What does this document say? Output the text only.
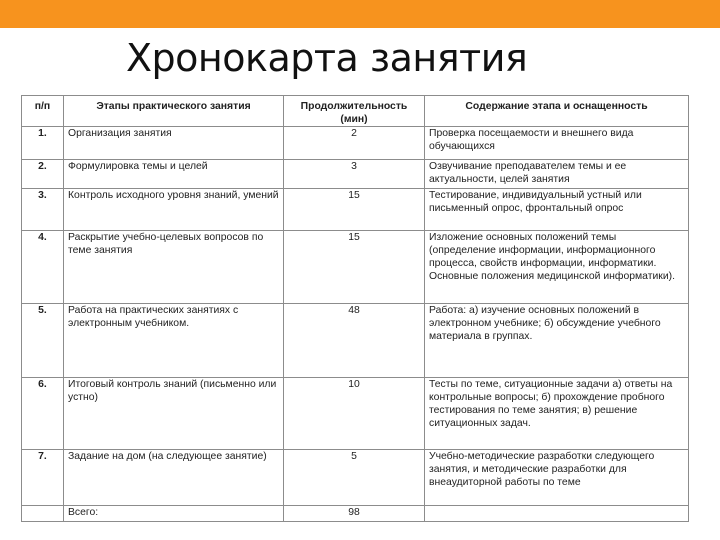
Хронокарта занятия
п/п	Этапы практического занятия	Продолжительность (мин)	Содержание этапа и оснащенность
1.	Организация занятия	2	Проверка посещаемости и внешнего вида обучающихся
2.	Формулировка темы и целей	3	Озвучивание преподавателем темы и ее актуальности, целей занятия
3.	Контроль исходного уровня знаний, умений	15	Тестирование, индивидуальный устный или письменный опрос, фронтальный опрос
4.	Раскрытие учебно-целевых вопросов по теме занятия	15	Изложение основных положений темы (определение информации, информационного процесса, свойств информации, информатики. Основные положения медицинской информатики).
5.	Работа на практических занятиях с электронным учебником.	48	Работа: а) изучение основных положений в электронном учебнике; б) обсуждение учебного материала в группах.
6.	Итоговый контроль знаний (письменно или устно)	10	Тесты по теме, ситуационные задачи а) ответы на контрольные вопросы; б) прохождение пробного тестирования по теме занятия; в) решение ситуационных задач.
7.	Задание на дом (на следующее занятие)	5	Учебно-методические разработки следующего занятия, и методические разработки для внеаудиторной работы по теме
	Всего:	98	
